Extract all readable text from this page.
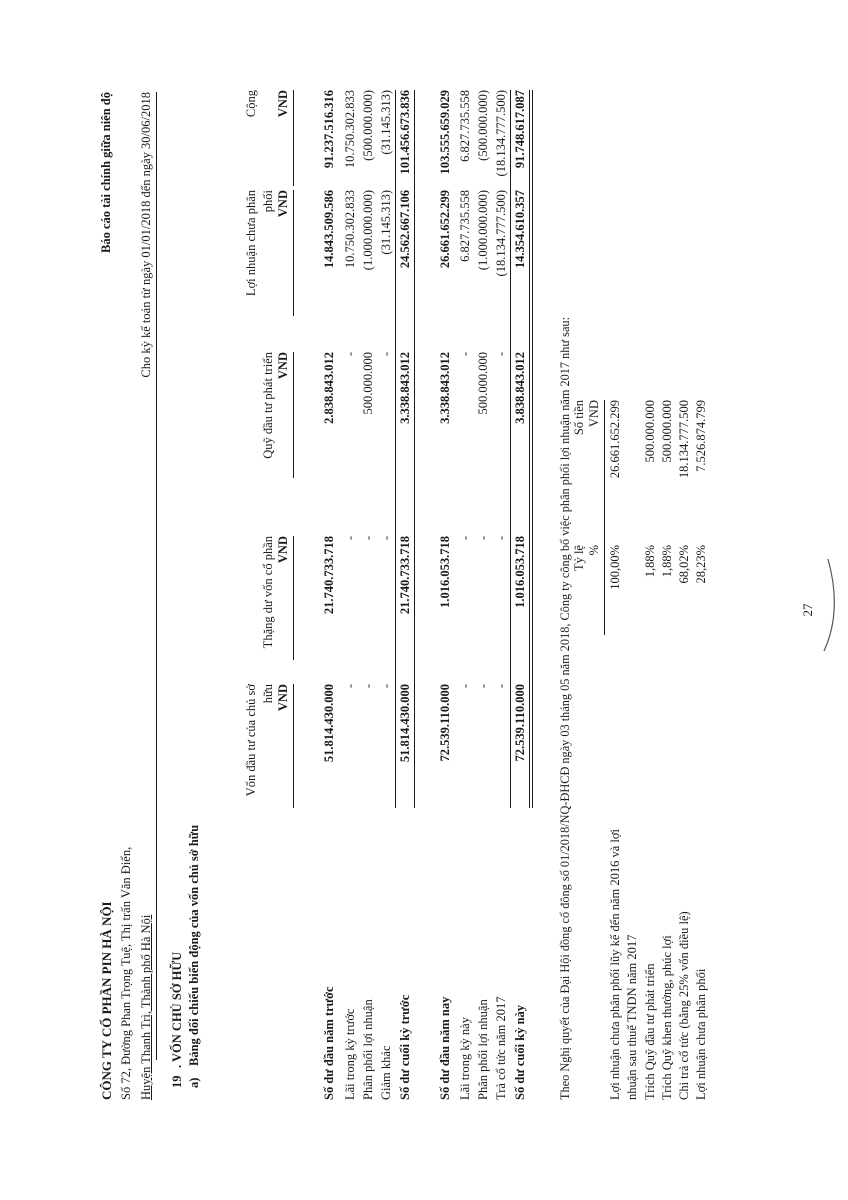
CÔNG TY CỔ PHẦN PIN HÀ NỘI Số 72, Đường Phan Trọng Tuệ, Thị trấn Văn Điển, Huyện Thanh Trì, Thành phố Hà Nội
Báo cáo tài chính giữa niên độ Cho kỳ kế toán từ ngày 01/01/2018 đến ngày 30/06/2018
19
. VỐN CHỦ SỞ HỮU
a)
Bảng đối chiếu biến động của vốn chủ sở hữu
Vốn đầu tư của chủ sở hữu VND
Thặng dư vốn cổ phần VND
Quỹ đầu tư phát triển VND
Lợi nhuận chưa phân phối VND
Cộng VND
Số dư đầu năm trước
51.814.430.000
21.740.733.718
2.838.843.012
14.843.509.586
91.237.516.316
Lãi trong kỳ trước
-
-
-
10.750.302.833
10.750.302.833
Phân phối lợi nhuận
-
-
500.000.000
(1.000.000.000)
(500.000.000)
Giảm khác
-
-
-
(31.145.313)
(31.145.313)
Số dư cuối kỳ trước
51.814.430.000
21.740.733.718
3.338.843.012
24.562.667.106
101.456.673.836
Số dư đầu năm nay
72.539.110.000
1.016.053.718
3.338.843.012
26.661.652.299
103.555.659.029
Lãi trong kỳ này
-
-
-
6.827.735.558
6.827.735.558
Phân phối lợi nhuận
-
-
500.000.000
(1.000.000.000)
(500.000.000)
Trả cổ tức năm 2017
-
-
-
(18.134.777.500)
(18.134.777.500)
Số dư cuối kỳ này
72.539.110.000
1.016.053.718
3.838.843.012
14.354.610.357
91.748.617.087
Theo Nghị quyết của Đại Hội đồng cổ đông số 01/2018/NQ-ĐHCĐ ngày 03 tháng 05 năm 2018, Công ty công bố việc phân phối lợi nhuận năm 2017 như sau: Tỷ lệ %
Số tiền VND
Lợi nhuận chưa phân phối lũy kế đến năm 2016 và lợi nhuận sau thuế TNDN năm 2017
100,00%
26.661.652.299
Trích Quỹ đầu tư phát triển
1,88%
500.000.000
Trích Quỹ khen thưởng, phúc lợi
1,88%
500.000.000
Chi trả cổ tức (bằng 25% vốn điều lệ)
68,02%
18.134.777.500
Lợi nhuận chưa phân phối
28,23%
7.526.874.799
27
